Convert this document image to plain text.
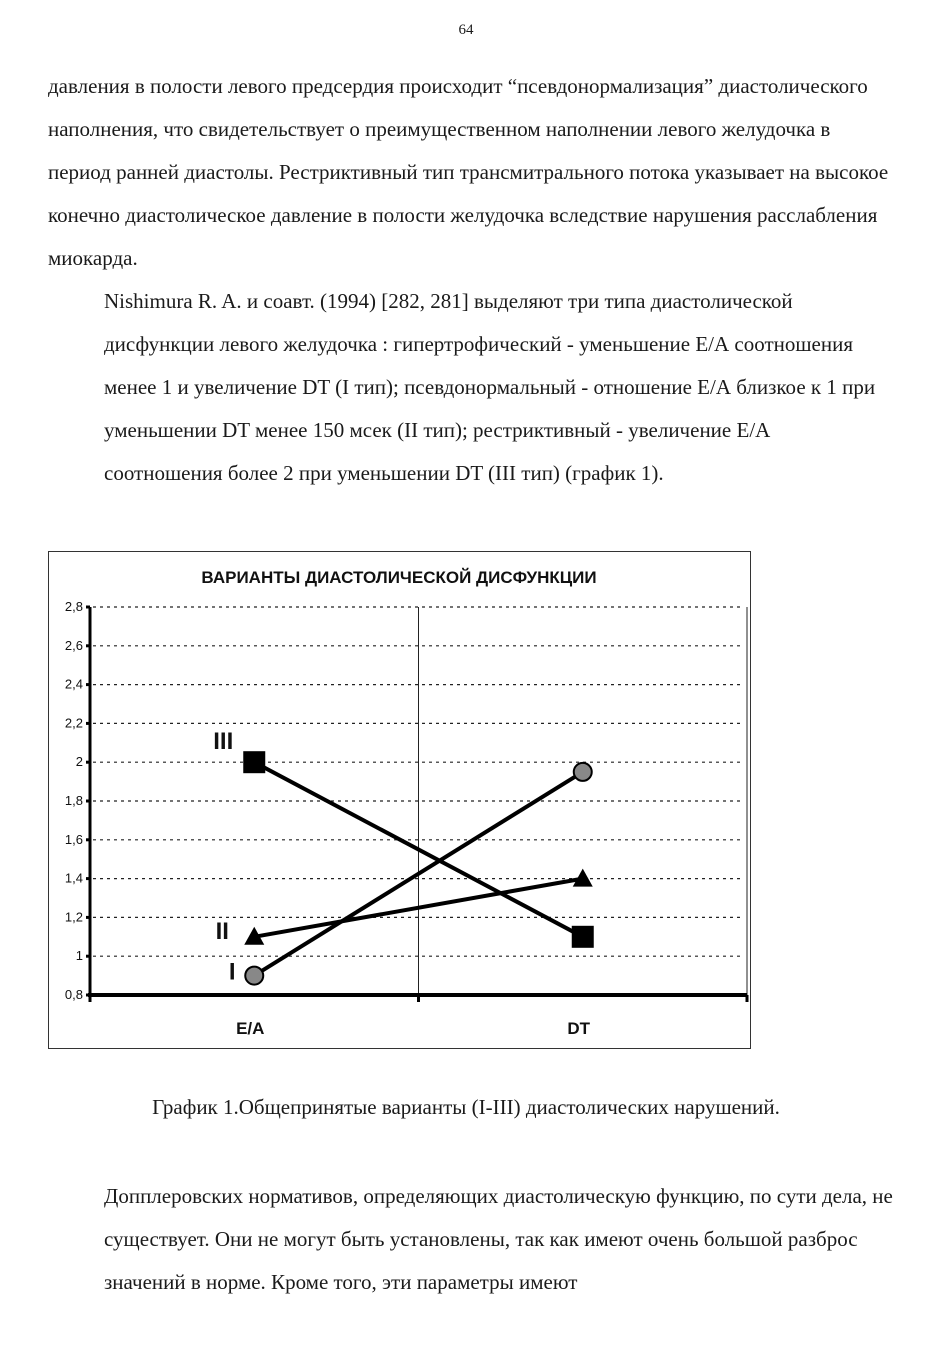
64

давления в полости левого предсердия происходит “псевдонормализация” диастолического наполнения, что свидетельствует о преимущественном наполнении левого желудочка в период ранней диастолы. Рестриктивный тип трансмитрального потока указывает на высокое конечно диастолическое давление в полости желудочка вследствие нарушения расслабления миокарда.

Nishimura R. A. и соавт. (1994) [282, 281] выделяют три типа диастолической дисфункции левого желудочка : гипертрофический - уменьшение Е/А соотношения менее 1 и увеличение DT (I тип); псевдонормальный - отношение Е/А близкое к 1 при уменьшении DT менее 150 мсек (II тип); рестриктивный - увеличение Е/А соотношения более 2 при уменьшении DT (III тип) (график 1).

ВАРИАНТЫ ДИАСТОЛИЧЕСКОЙ ДИСФУНКЦИИ
0,8
1
1,2
1,4
1,6
1,8
2
2,2
2,4
2,6
2,8
E/A	DT
I
II
III
График 1.Общепринятые варианты (I-III) диастолических нарушений.

Допплеровских нормативов, определяющих диастолическую функцию, по сути дела, не существует. Они не могут быть установлены, так как имеют очень большой разброс значений в норме. Кроме того, эти параметры имеют
